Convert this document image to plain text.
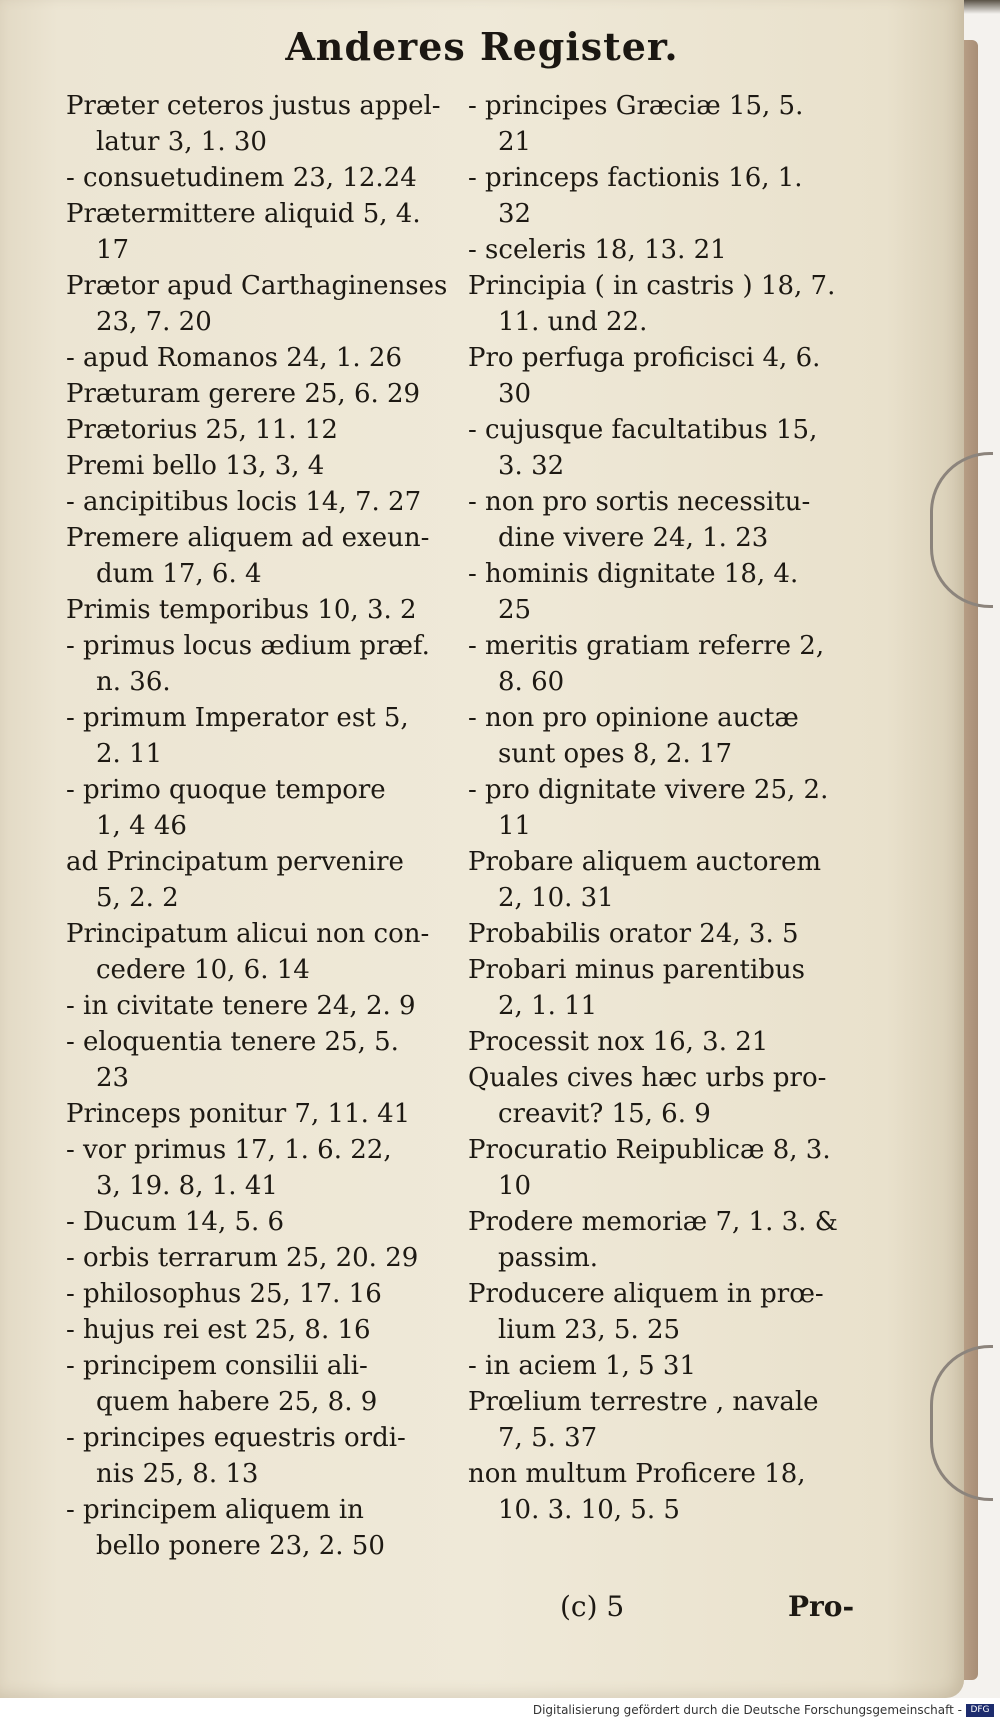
Anderes Register.

Præter ceteros justus appel-
latur 3, 1. 30

- consuetudinem 23, 12.24

Prætermittere aliquid 5, 4.
17

Prætor apud Carthaginenses
23, 7. 20

- apud Romanos 24, 1. 26

Præturam gerere 25, 6. 29

Prætorius 25, 11. 12

Premi bello 13, 3, 4

- ancipitibus locis 14, 7. 27

Premere aliquem ad exeun-
dum 17, 6. 4

Primis temporibus 10, 3. 2

- primus locus ædium præf.
n. 36.

- primum Imperator est 5,
2. 11

- primo quoque tempore
1, 4 46

ad Principatum pervenire
5, 2. 2

Principatum alicui non con-
cedere 10, 6. 14

- in civitate tenere 24, 2. 9

- eloquentia tenere 25, 5.
23

Princeps ponitur 7, 11. 41

- vor primus 17, 1. 6. 22,
3, 19. 8, 1. 41

- Ducum 14, 5. 6

- orbis terrarum 25, 20. 29

- philosophus 25, 17. 16

- hujus rei est 25, 8. 16

- principem consilii ali-
quem habere 25, 8. 9

- principes equestris ordi-
nis 25, 8. 13

- principem aliquem in
bello ponere 23, 2. 50

- principes Græciæ 15, 5.
21

- princeps factionis 16, 1.
32

- sceleris 18, 13. 21

Principia ( in castris ) 18, 7.
11. und 22.

Pro perfuga proficisci 4, 6.
30

- cujusque facultatibus 15,
3. 32

- non pro sortis necessitu-
dine vivere 24, 1. 23

- hominis dignitate 18, 4.
25

- meritis gratiam referre 2,
8. 60

- non pro opinione auctæ
sunt opes 8, 2. 17

- pro dignitate vivere 25, 2.
11

Probare aliquem auctorem
2, 10. 31

Probabilis orator 24, 3. 5

Probari minus parentibus
2, 1. 11

Processit nox 16, 3. 21

Quales cives hæc urbs pro-
creavit? 15, 6. 9

Procuratio Reipublicæ 8, 3.
10

Prodere memoriæ 7, 1. 3. &
passim.

Producere aliquem in prœ-
lium 23, 5. 25

- in aciem 1, 5 31

Prœlium terrestre , navale
7, 5. 37

non multum Proficere 18,
10. 3. 10, 5. 5

(c) 5	Pro-
Digitalisierung gefördert durch die Deutsche Forschungsgemeinschaft - DFG
